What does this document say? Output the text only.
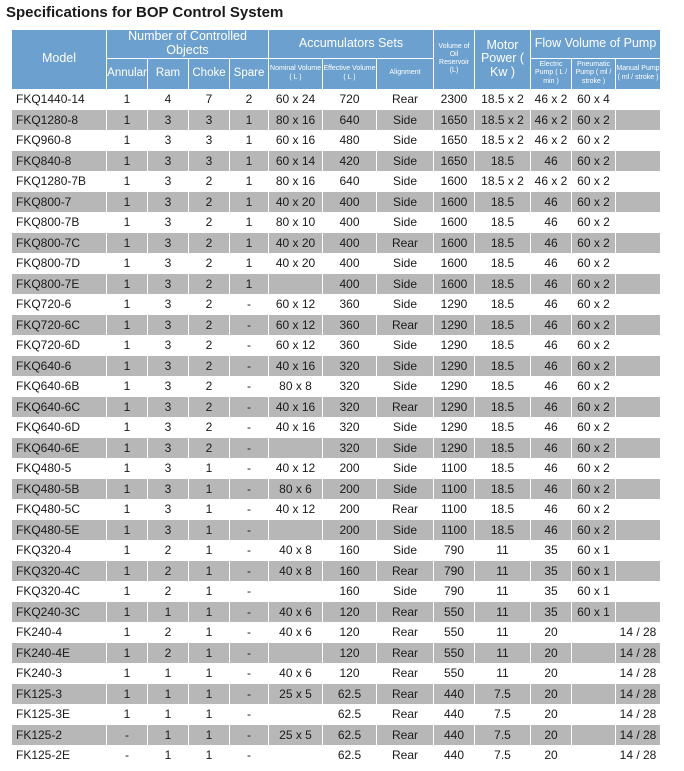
Specifications for BOP Control System
Model	Number of Controlled Objects				Accumulators Sets			Volume of Oil Reservoir (L)	Motor Power ( Kw )	Flow Volume of Pump		
	Annular	Ram	Choke	Spare	Nominal Volume ( L )	Effective Volume ( L )	Alignment			Electric Pump ( L / min )	Pneumatic Pump ( ml / stroke )	Manual Pump ( ml / stroke )
FKQ1440-14	1	4	7	2	60 x 24	720	Rear	2300	18.5 x 2	46 x 2	60 x 4	
FKQ1280-8	1	3	3	1	80 x 16	640	Side	1650	18.5 x 2	46 x 2	60 x 2	
FKQ960-8	1	3	3	1	60 x 16	480	Side	1650	18.5 x 2	46 x 2	60 x 2	
FKQ840-8	1	3	3	1	60 x 14	420	Side	1650	18.5	46	60 x 2	
FKQ1280-7B	1	3	2	1	80 x 16	640	Side	1600	18.5 x 2	46 x 2	60 x 2	
FKQ800-7	1	3	2	1	40 x 20	400	Side	1600	18.5	46	60 x 2	
FKQ800-7B	1	3	2	1	80 x 10	400	Side	1600	18.5	46	60 x 2	
FKQ800-7C	1	3	2	1	40 x 20	400	Rear	1600	18.5	46	60 x 2	
FKQ800-7D	1	3	2	1	40 x 20	400	Side	1600	18.5	46	60 x 2	
FKQ800-7E	1	3	2	1		400	Side	1600	18.5	46	60 x 2	
FKQ720-6	1	3	2	-	60 x 12	360	Side	1290	18.5	46	60 x 2	
FKQ720-6C	1	3	2	-	60 x 12	360	Rear	1290	18.5	46	60 x 2	
FKQ720-6D	1	3	2	-	60 x 12	360	Side	1290	18.5	46	60 x 2	
FKQ640-6	1	3	2	-	40 x 16	320	Side	1290	18.5	46	60 x 2	
FKQ640-6B	1	3	2	-	80 x 8	320	Side	1290	18.5	46	60 x 2	
FKQ640-6C	1	3	2	-	40 x 16	320	Rear	1290	18.5	46	60 x 2	
FKQ640-6D	1	3	2	-	40 x 16	320	Side	1290	18.5	46	60 x 2	
FKQ640-6E	1	3	2	-		320	Side	1290	18.5	46	60 x 2	
FKQ480-5	1	3	1	-	40 x 12	200	Side	1100	18.5	46	60 x 2	
FKQ480-5B	1	3	1	-	80 x 6	200	Side	1100	18.5	46	60 x 2	
FKQ480-5C	1	3	1	-	40 x 12	200	Rear	1100	18.5	46	60 x 2	
FKQ480-5E	1	3	1	-		200	Side	1100	18.5	46	60 x 2	
FKQ320-4	1	2	1	-	40 x 8	160	Side	790	11	35	60 x 1	
FKQ320-4C	1	2	1	-	40 x 8	160	Rear	790	11	35	60 x 1	
FKQ320-4C	1	2	1	-		160	Side	790	11	35	60 x 1	
FKQ240-3C	1	1	1	-	40 x 6	120	Rear	550	11	35	60 x 1	
FK240-4	1	2	1	-	40 x 6	120	Rear	550	11	20		14 / 28
FK240-4E	1	2	1	-		120	Rear	550	11	20		14 / 28
FK240-3	1	1	1	-	40 x 6	120	Rear	550	11	20		14 / 28
FK125-3	1	1	1	-	25 x 5	62.5	Rear	440	7.5	20		14 / 28
FK125-3E	1	1	1	-		62.5	Rear	440	7.5	20		14 / 28
FK125-2	-	1	1	-	25 x 5	62.5	Rear	440	7.5	20		14 / 28
FK125-2E	-	1	1	-		62.5	Rear	440	7.5	20		14 / 28
